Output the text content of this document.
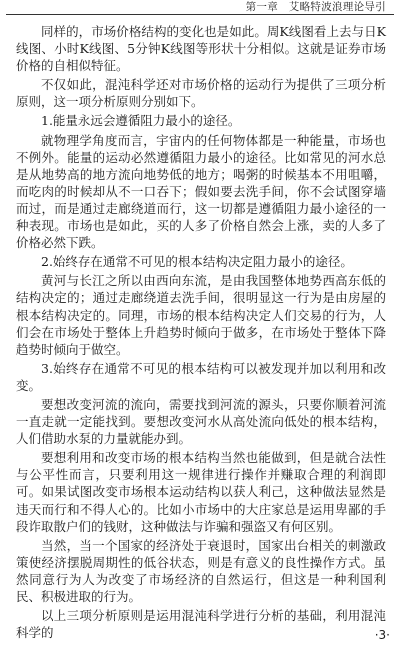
第一章　艾略特波浪理论导引

同样的，市场价格结构的变化也是如此。周K线图看上去与日K线图、小时K线图、5分钟K线图等形状十分相似。这就是证券市场价格的自相似特征。

不仅如此，混沌科学还对市场价格的运动行为提供了三项分析原则，这一项分析原则分别如下。

1.能量永远会遵循阻力最小的途径。

就物理学角度而言，宇宙内的任何物体都是一种能量，市场也不例外。能量的运动必然遵循阻力最小的途径。比如常见的河水总是从地势高的地方流向地势低的地方；喝粥的时候基本不用咀嚼，而吃肉的时候却从不一口吞下；假如要去洗手间，你不会试图穿墙而过，而是通过走廊绕道而行，这一切都是遵循阻力最小途径的一种表现。市场也是如此，买的人多了价格自然会上涨，卖的人多了价格必然下跌。

2.始终存在通常不可见的根本结构决定阻力最小的途径。

黄河与长江之所以由西向东流，是由我国整体地势西高东低的结构决定的；通过走廊绕道去洗手间，很明显这一行为是由房屋的根本结构决定的。同理，市场的根本结构决定人们交易的行为，人们会在市场处于整体上升趋势时倾向于做多，在市场处于整体下降趋势时倾向于做空。

3.始终存在通常不可见的根本结构可以被发现并加以利用和改变。

要想改变河流的流向，需要找到河流的源头，只要你顺着河流一直走就一定能找到。要想改变河水从高处流向低处的根本结构，人们借助水泵的力量就能办到。

要想利用和改变市场的根本结构当然也能做到，但是就合法性与公平性而言，只要利用这一规律进行操作并赚取合理的利润即可。如果试图改变市场根本运动结构以获人利己，这种做法显然是违天而行和不得人心的。比如小市场中的大庄家总是运用卑鄙的手段诈取散户们的钱财，这种做法与诈骗和强盗又有何区别。

当然，当一个国家的经济处于衰退时，国家出台相关的刺激政策使经济摆脱周期性的低谷状态，则是有意义的良性操作方式。虽然同意行为人为改变了市场经济的自然运行，但这是一种利国利民、积极进取的行为。

以上三项分析原则是运用混沌科学进行分析的基础，利用混沌科学的	·3·
